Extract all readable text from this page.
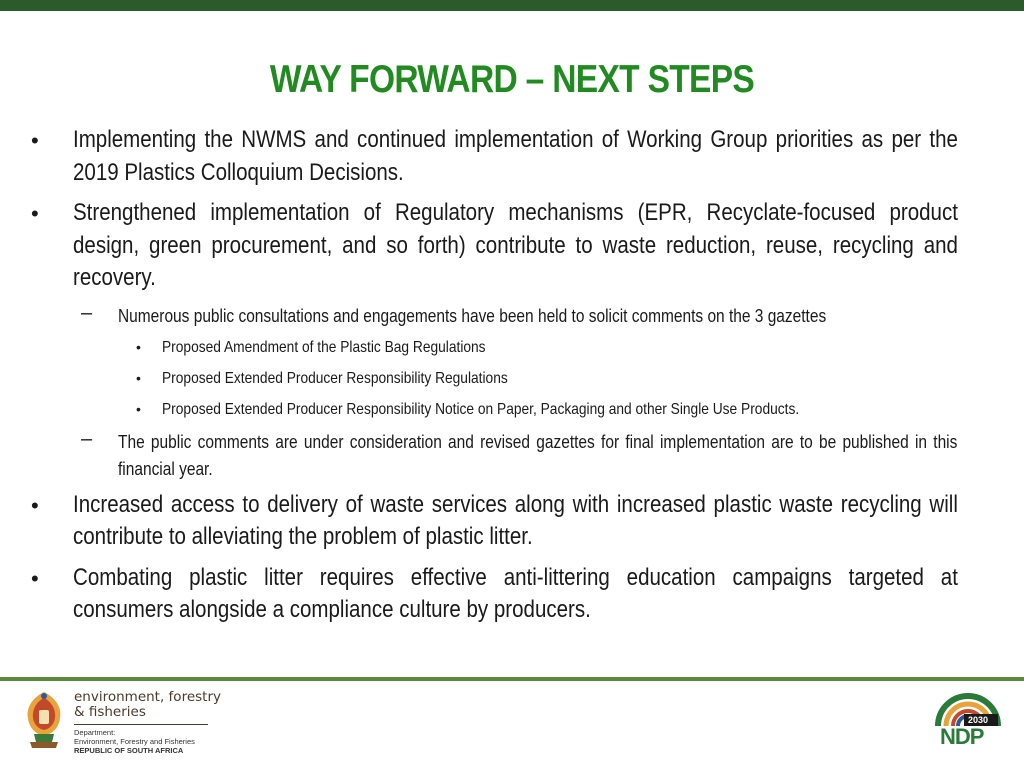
WAY FORWARD – NEXT STEPS
• Implementing the NWMS and continued implementation of Working Group priorities as per the 2019 Plastics Colloquium Decisions.
• Strengthened implementation of Regulatory mechanisms (EPR, Recyclate-focused product design, green procurement, and so forth) contribute to waste reduction, reuse, recycling and recovery.
– Numerous public consultations and engagements have been held to solicit comments on the 3 gazettes
• Proposed Amendment of the Plastic Bag Regulations
• Proposed Extended Producer Responsibility Regulations
• Proposed Extended Producer Responsibility Notice on Paper, Packaging and other Single Use Products.
– The public comments are under consideration and revised gazettes for final implementation are to be published in this financial year.
• Increased access to delivery of waste services along with increased plastic waste recycling will contribute to alleviating the problem of plastic litter.
• Combating plastic litter requires effective anti-littering education campaigns targeted at consumers alongside a compliance culture by producers.
environment, forestry
& fisheries
Department:
Environment, Forestry and Fisheries
REPUBLIC OF SOUTH AFRICA
2030
NDP
